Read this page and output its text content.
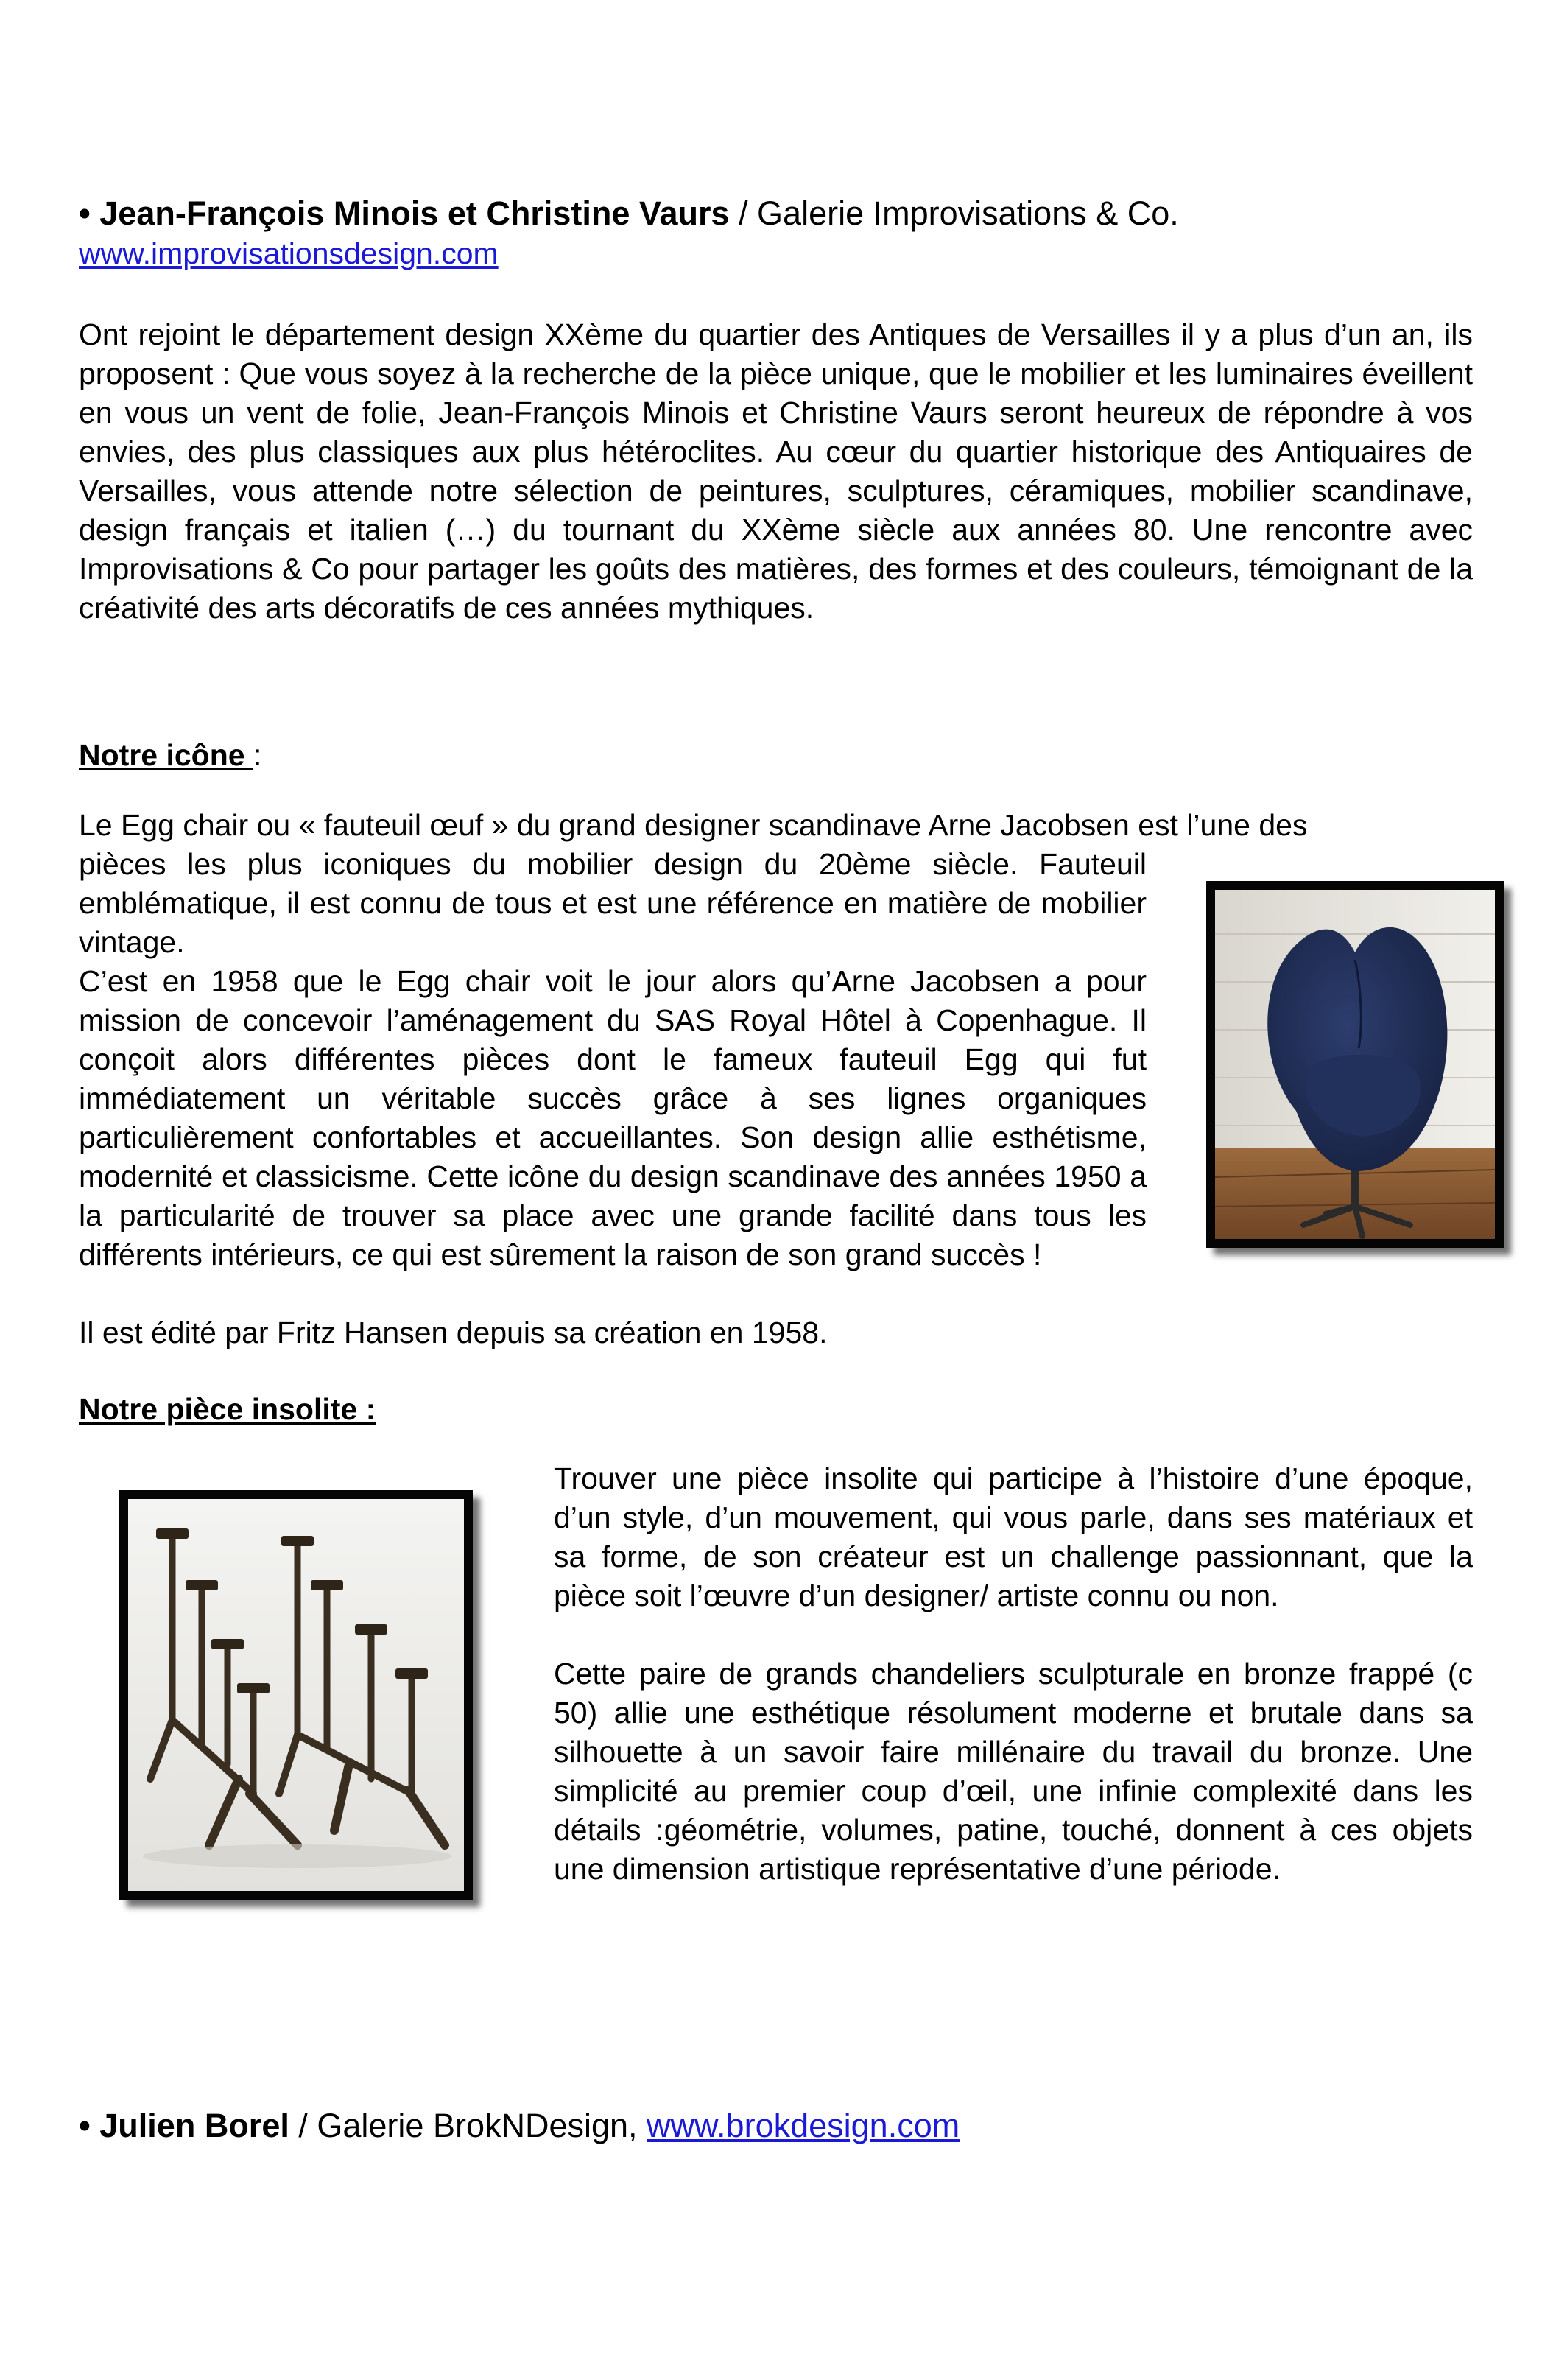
• Jean-François Minois et Christine Vaurs / Galerie Improvisations & Co.
www.improvisationsdesign.com

Ont rejoint le département design XXème du quartier des Antiques de Versailles il y a plus d’un an, ils proposent : Que vous soyez à la recherche de la pièce unique, que le mobilier et les luminaires éveillent en vous un vent de folie, Jean-François Minois et Christine Vaurs seront heureux de répondre à vos envies, des plus classiques aux plus hétéroclites. Au cœur du quartier historique des Antiquaires de Versailles, vous attende notre sélection de peintures, sculptures, céramiques, mobilier scandinave, design français et italien (…) du tournant du XXème siècle aux années 80. Une rencontre avec Improvisations & Co pour partager les goûts des matières, des formes et des couleurs, témoignant de la créativité des arts décoratifs de ces années mythiques.

Notre icône :

Le Egg chair ou « fauteuil œuf » du grand designer scandinave Arne Jacobsen est l’une des

pièces les plus iconiques du mobilier design du 20ème siècle. Fauteuil emblématique, il est connu de tous et est une référence en matière de mobilier vintage.

C’est en 1958 que le Egg chair voit le jour alors qu’Arne Jacobsen a pour mission de concevoir l’aménagement du SAS Royal Hôtel à Copenhague. Il conçoit alors différentes pièces dont le fameux fauteuil Egg qui fut immédiatement un véritable succès grâce à ses lignes organiques particulièrement confortables et accueillantes. Son design allie esthétisme, modernité et classicisme. Cette icône du design scandinave des années 1950 a la particularité de trouver sa place avec une grande facilité dans tous les différents intérieurs, ce qui est sûrement la raison de son grand succès !

Il est édité par Fritz Hansen depuis sa création en 1958.

Notre pièce insolite :

Trouver une pièce insolite qui participe à l’histoire d’une époque, d’un style, d’un mouvement, qui vous parle, dans ses matériaux et sa forme, de son créateur est un challenge passionnant, que la pièce soit l’œuvre d’un designer/ artiste connu ou non.

Cette paire de grands chandeliers sculpturale en bronze frappé (c 50) allie une esthétique résolument moderne et brutale dans sa silhouette à un savoir faire millénaire du travail du bronze. Une simplicité au premier coup d’œil, une infinie complexité dans les détails :géométrie, volumes, patine, touché, donnent à ces objets une dimension artistique représentative d’une période.

• Julien Borel / Galerie BrokNDesign, www.brokdesign.com
